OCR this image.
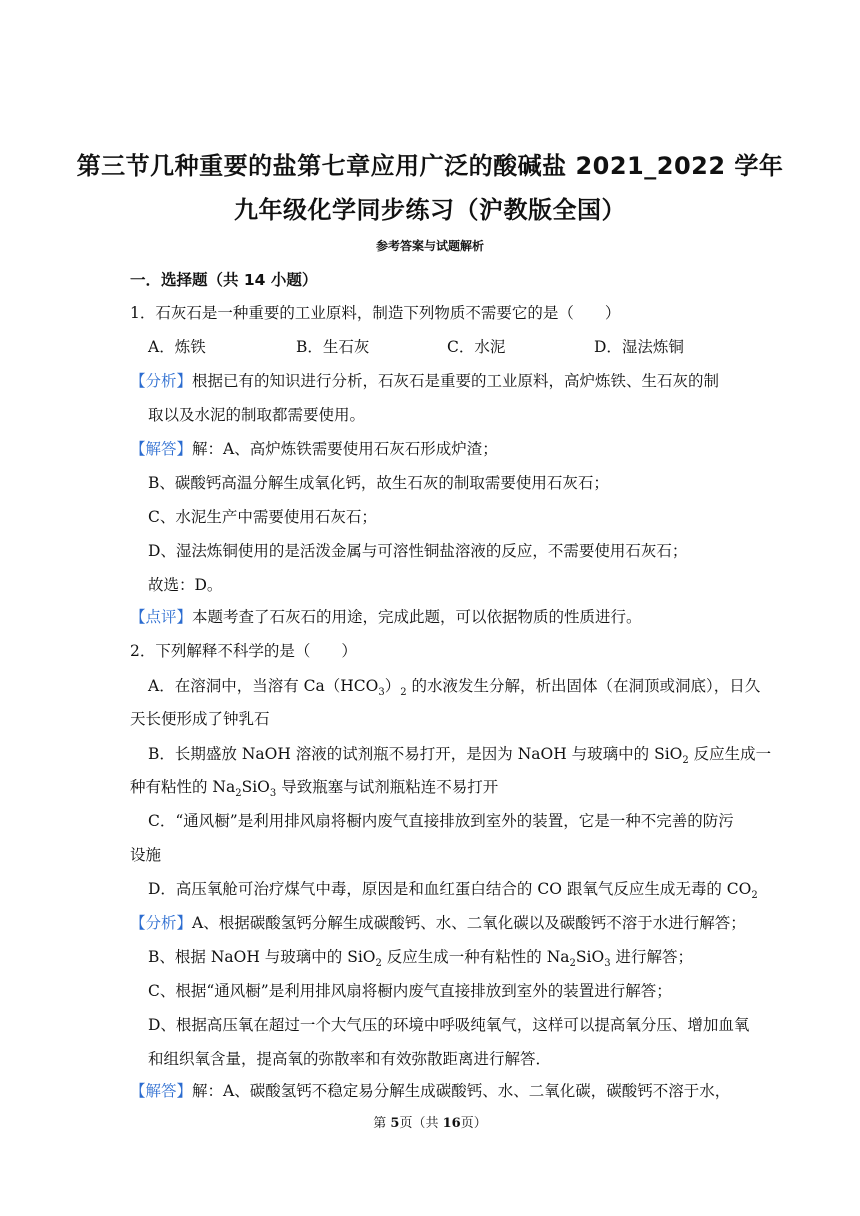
第三节几种重要的盐第七章应用广泛的酸碱盐 2021_2022 学年
九年级化学同步练习（沪教版全国）
参考答案与试题解析
一．选择题（共 14 小题）
1．石灰石是一种重要的工业原料，制造下列物质不需要它的是（　　）
A．炼铁	B．生石灰	C．水泥	D．湿法炼铜
【分析】根据已有的知识进行分析，石灰石是重要的工业原料，高炉炼铁、生石灰的制
取以及水泥的制取都需要使用。
【解答】解：A、高炉炼铁需要使用石灰石形成炉渣；
B、碳酸钙高温分解生成氧化钙，故生石灰的制取需要使用石灰石；
C、水泥生产中需要使用石灰石；
D、湿法炼铜使用的是活泼金属与可溶性铜盐溶液的反应，不需要使用石灰石；
故选：D。
【点评】本题考查了石灰石的用途，完成此题，可以依据物质的性质进行。
2．下列解释不科学的是（　　）
A．在溶洞中，当溶有 $Ca(HCO_3)_2$ 的水液发生分解，析出固体（在洞顶或洞底），日久
天长便形成了钟乳石
B．长期盛放 NaOH 溶液的试剂瓶不易打开，是因为 NaOH 与玻璃中的 SiO$_2$ 反应生成一
种有粘性的 $Na_2SiO_3$ 导致瓶塞与试剂瓶粘连不易打开
C．“通风橱”是利用排风扇将橱内废气直接排放到室外的装置，它是一种不完善的防污
设施
D．高压氧舱可治疗煤气中毒，原因是和血红蛋白结合的 CO 跟氧气反应生成无毒的 $CO_2$
【分析】A、根据碳酸氢钙分解生成碳酸钙、水、二氧化碳以及碳酸钙不溶于水进行解答；
B、根据 NaOH 与玻璃中的 SiO$_2$ 反应生成一种有粘性的 $Na_2SiO_3$ 进行解答；
C、根据“通风橱”是利用排风扇将橱内废气直接排放到室外的装置进行解答；
D、根据高压氧在超过一个大气压的环境中呼吸纯氧气，这样可以提高氧分压、增加血氧
和组织氧含量，提高氧的弥散率和有效弥散距离进行解答．
【解答】解：A、碳酸氢钙不稳定易分解生成碳酸钙、水、二氧化碳，碳酸钙不溶于水，
第 5页（共 16页）
